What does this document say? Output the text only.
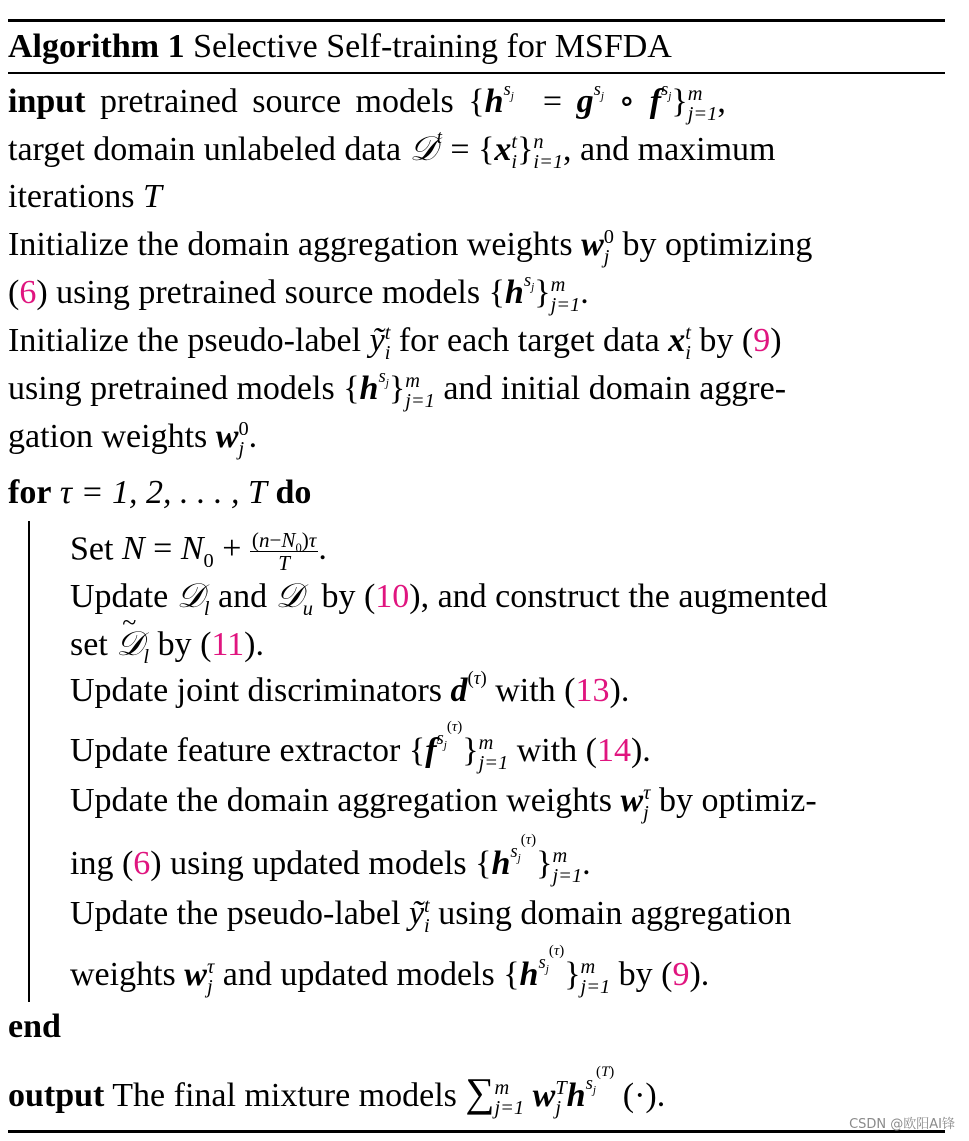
Algorithm 1 Selective Self-training for MSFDA
input pretrained source models {$h^{s_j} = g^{s_j}$ ∘ $f^{s_j}$} m
j=1 ,
target domain unlabeled data 𝒟$^t$ = {x t
i } n
i=1 , and maximum
iterations T
Initialize the domain aggregation weights w 0
j by optimizing
(6) using pretrained source models $\{h^{s_j}\}$ m
j=1 .
Initialize the pseudo-label ỹ t
i for each target data x t
i by (9)
using pretrained models $\{h^{s_j}\}$ m
j=1 and initial domain aggre-
gation weights w 0
j .
for τ = 1, 2, . . . , T do
Set $N = N_0 + \frac{(n-N_0)\tau}{T}$ .
Update 𝒟$_l$ and 𝒟$_u$ by (10), and construct the augmented
set ~ 𝒟$_l$ by (11).
Update joint discriminators $d^{(\tau)}$ with (13).
Update feature extractor $\{f^{s_j^{(\tau)}}\}$ m
j=1 with (14).
Update the domain aggregation weights w τ
j by optimiz-
ing (6) using updated models $\{h^{s_j^{(\tau)}}\}$ m
j=1 .
Update the pseudo-label ỹ t
i using domain aggregation
weights w τ
j and updated models $\{h^{s_j^{(\tau)}}\}$ m
j=1 by (9).
end
output The final mixture models ∑ m
j=1 w T
j $h^{s_j^{(T)}}$ (·).
CSDN @欧阳AI锋
